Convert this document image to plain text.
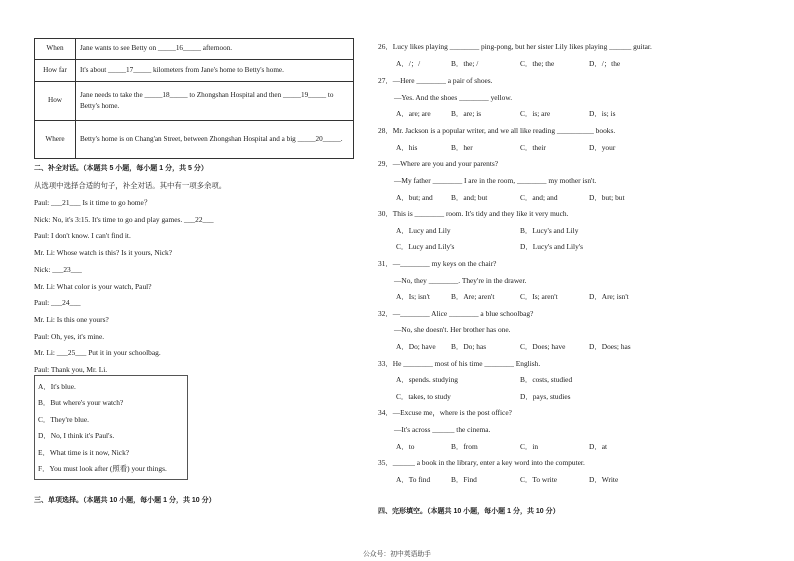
When	Jane wants to see Betty on _____16_____ afternoon.
How far	It's about _____17_____ kilometers from Jane's home to Betty's home.
How	Jane needs to take the _____18_____ to Zhongshan Hospital and then _____19_____ to Betty's home.
Where	Betty's home is on Chang'an Street, between Zhongshan Hospital and a big _____20_____.
二、补全对话。（本题共 5 小题，每小题 1 分，共 5 分）
从选项中选择合适的句子，补全对话。其中有一项多余项。
Paul: ___21___ Is it time to go home？
Nick: No, it's 3:15. It's time to go and play games. ___22___
Paul: I don't know. I can't find it.
Mr. Li: Whose watch is this? Is it yours, Nick?
Nick: ___23___
Mr. Li: What color is your watch, Paul?
Paul: ___24___
Mr. Li: Is this one yours?
Paul: Oh, yes, it's mine.
Mr. Li: ___25___ Put it in your schoolbag.
Paul: Thank you, Mr. Li.
A．It's blue.
B．But where's your watch?
C．They're blue.
D．No, I think it's Paul's.
E．What time is it now, Nick?
F．You must look after (照看) your things.
三、单项选择。（本题共 10 小题，每小题 1 分，共 10 分）
26．Lucy likes playing ________ ping-pong, but her sister Lily likes playing ______ guitar.
A．/；/	B．the; /	C．the; the	D．/；the
27．—Here ________ a pair of shoes.
—Yes. And the shoes ________ yellow.
A．are; are	B．are; is	C．is; are	D．is; is
28．Mr. Jackson is a popular writer, and we all like reading __________ books.
A．his	B．her	C．their	D．your
29．—Where are you and your parents?
—My father ________ I are in the room, ________ my mother isn't.
A．but; and B．and; but	C．and; and	D．but; but
30．This is ________ room. It's tidy and they like it very much.
A．Lucy and Lily	B．Lucy's and Lily
C．Lucy and Lily's	D．Lucy's and Lily's
31．—________ my keys on the chair?
—No, they ________. They're in the drawer.
A．Is; isn't	B．Are; aren't	C．Is; aren't	D．Are; isn't
32．—________ Alice ________ a blue schoolbag?
—No, she doesn't. Her brother has one.
A．Do; have B．Do; has	C．Does; have	D．Does; has
33．He ________ most of his time ________ English.
A．spends. studying	B．costs, studied
C．takes, to study	D．pays, studies
34．—Excuse me，where is the post office?
—It's across ______ the cinema.
A．to	B．from	C．in	D．at
35．______ a book in the library, enter a key word into the computer.
A．To find	B．Find	C．To write	D．Write
四、完形填空。（本题共 10 小题，每小题 1 分，共 10 分）
公众号：初中英语助手
